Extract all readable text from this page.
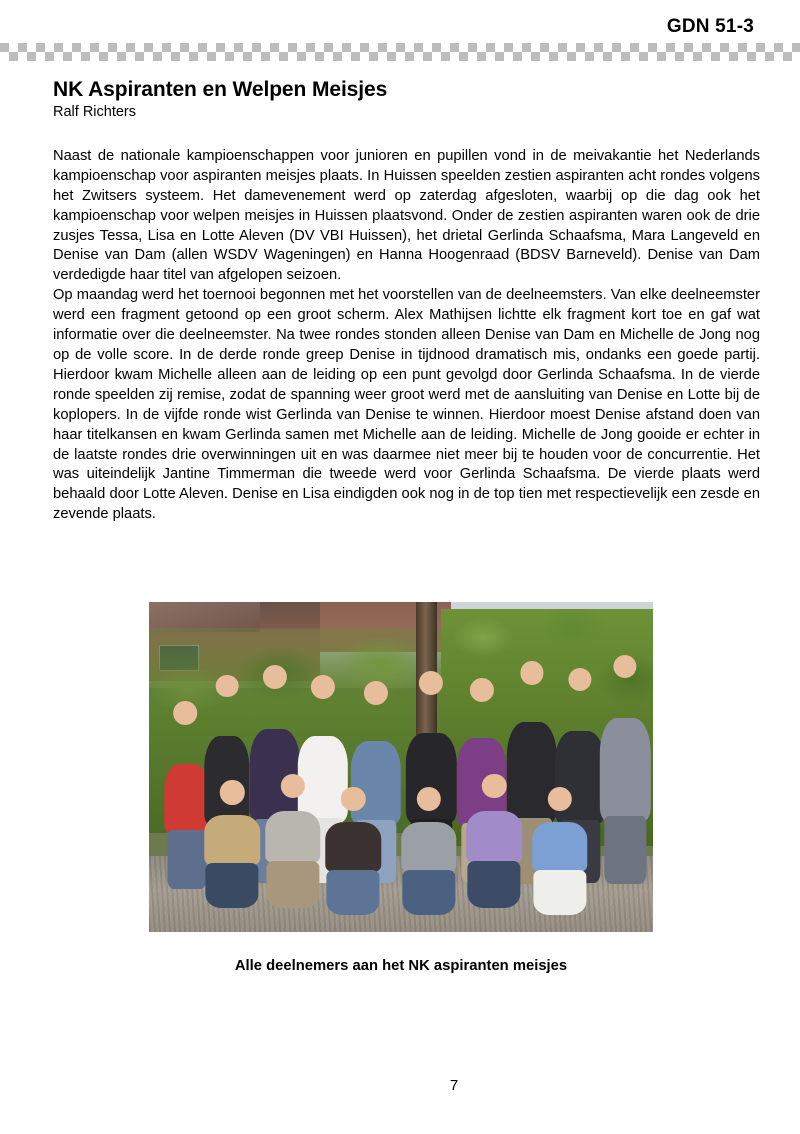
GDN 51-3
NK Aspiranten en Welpen Meisjes
Ralf Richters

Naast de nationale kampioenschappen voor junioren en pupillen vond in de meivakantie het Nederlands kampioenschap voor aspiranten meisjes plaats. In Huissen speelden zestien aspiranten acht rondes volgens het Zwitsers systeem. Het damevenement werd op zaterdag afgesloten, waarbij op die dag ook het kampioenschap voor welpen meisjes in Huissen plaatsvond. Onder de zestien aspiranten waren ook de drie zusjes Tessa, Lisa en Lotte Aleven (DV VBI Huissen), het drietal Gerlinda Schaafsma, Mara Langeveld en Denise van Dam (allen WSDV Wageningen) en Hanna Hoogenraad (BDSV Barneveld). Denise van Dam verdedigde haar titel van afgelopen seizoen.

Op maandag werd het toernooi begonnen met het voorstellen van de deelneemsters. Van elke deelneemster werd een fragment getoond op een groot scherm. Alex Mathijsen lichtte elk fragment kort toe en gaf wat informatie over die deelneemster. Na twee rondes stonden alleen Denise van Dam en Michelle de Jong nog op de volle score. In de derde ronde greep Denise in tijdnood dramatisch mis, ondanks een goede partij. Hierdoor kwam Michelle alleen aan de leiding op een punt gevolgd door Gerlinda Schaafsma. In de vierde ronde speelden zij remise, zodat de spanning weer groot werd met de aansluiting van Denise en Lotte bij de koplopers. In de vijfde ronde wist Gerlinda van Denise te winnen. Hierdoor moest Denise afstand doen van haar titelkansen en kwam Gerlinda samen met Michelle aan de leiding. Michelle de Jong gooide er echter in de laatste rondes drie overwinningen uit en was daarmee niet meer bij te houden voor de concurrentie. Het was uiteindelijk Jantine Timmerman die tweede werd voor Gerlinda Schaafsma. De vierde plaats werd behaald door Lotte Aleven. Denise en Lisa eindigden ook nog in de top tien met respectievelijk een zesde en zevende plaats.

Alle deelnemers aan het NK aspiranten meisjes
7
